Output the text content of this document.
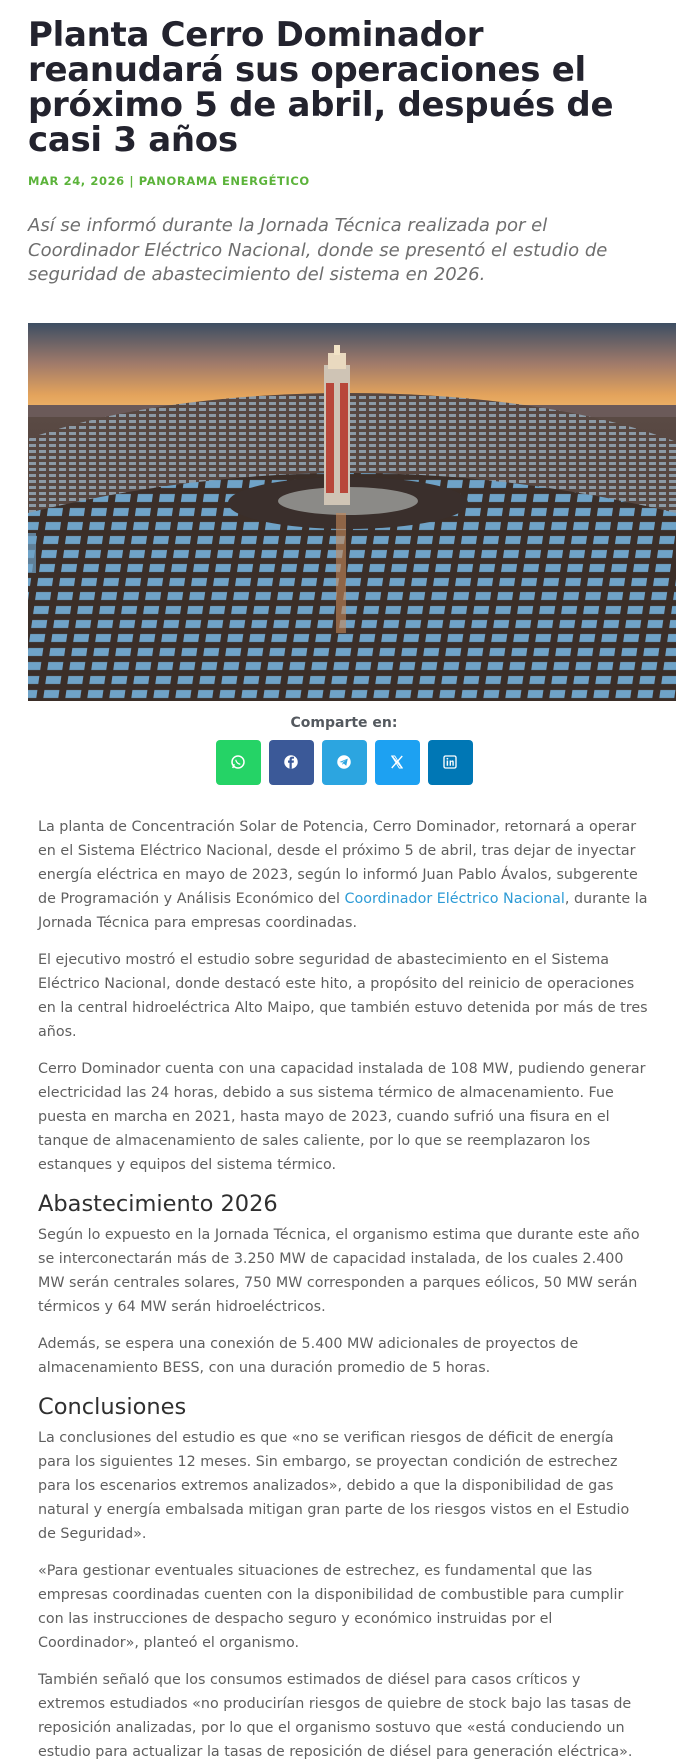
Planta Cerro Dominador reanudará sus operaciones el próximo 5 de abril, después de casi 3 años
MAR 24, 2026 | PANORAMA ENERGÉTICO
Así se informó durante la Jornada Técnica realizada por el Coordinador Eléctrico Nacional, donde se presentó el estudio de seguridad de abastecimiento del sistema en 2026.
Comparte en:

La planta de Concentración Solar de Potencia, Cerro Dominador, retornará a operar en el Sistema Eléctrico Nacional, desde el próximo 5 de abril, tras dejar de inyectar energía eléctrica en mayo de 2023, según lo informó Juan Pablo Ávalos, subgerente de Programación y Análisis Económico del Coordinador Eléctrico Nacional, durante la Jornada Técnica para empresas coordinadas.

El ejecutivo mostró el estudio sobre seguridad de abastecimiento en el Sistema Eléctrico Nacional, donde destacó este hito, a propósito del reinicio de operaciones en la central hidroeléctrica Alto Maipo, que también estuvo detenida por más de tres años.

Cerro Dominador cuenta con una capacidad instalada de 108 MW, pudiendo generar electricidad las 24 horas, debido a sus sistema térmico de almacenamiento. Fue puesta en marcha en 2021, hasta mayo de 2023, cuando sufrió una fisura en el tanque de almacenamiento de sales caliente, por lo que se reemplazaron los estanques y equipos del sistema térmico.

Abastecimiento 2026

Según lo expuesto en la Jornada Técnica, el organismo estima que durante este año se interconectarán más de 3.250 MW de capacidad instalada, de los cuales 2.400 MW serán centrales solares, 750 MW corresponden a parques eólicos, 50 MW serán térmicos y 64 MW serán hidroeléctricos.

Además, se espera una conexión de 5.400 MW adicionales de proyectos de almacenamiento BESS, con una duración promedio de 5 horas.

Conclusiones

La conclusiones del estudio es que «no se verifican riesgos de déficit de energía para los siguientes 12 meses. Sin embargo, se proyectan condición de estrechez para los escenarios extremos analizados», debido a que la disponibilidad de gas natural y energía embalsada mitigan gran parte de los riesgos vistos en el Estudio de Seguridad».

«Para gestionar eventuales situaciones de estrechez, es fundamental que las empresas coordinadas cuenten con la disponibilidad de combustible para cumplir con las instrucciones de despacho seguro y económico instruidas por el Coordinador», planteó el organismo.

También señaló que los consumos estimados de diésel para casos críticos y extremos estudiados «no producirían riesgos de quiebre de stock bajo las tasas de reposición analizadas, por lo que el organismo sostuvo que «está conduciendo un estudio para actualizar la tasas de reposición de diésel para generación eléctrica».
